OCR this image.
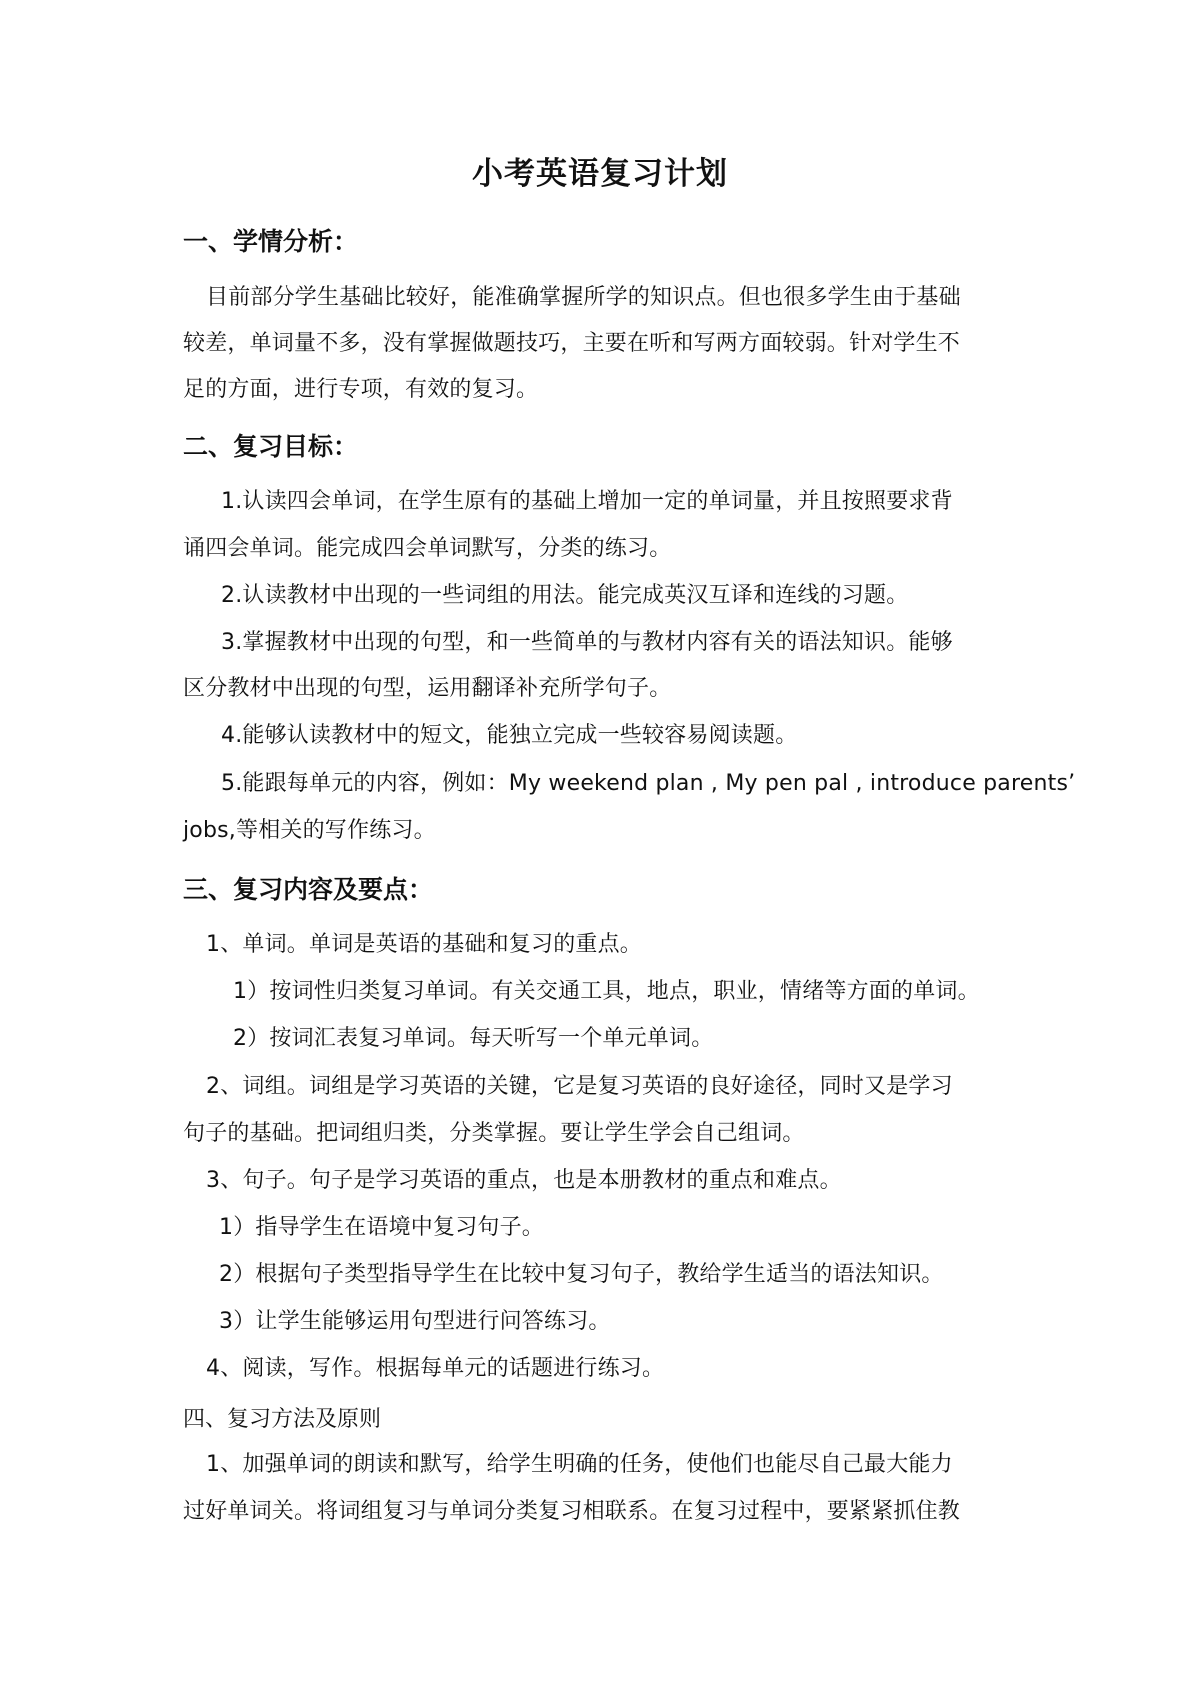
小考英语复习计划
一、学情分析：
目前部分学生基础比较好，能准确掌握所学的知识点。但也很多学生由于基础
较差，单词量不多，没有掌握做题技巧，主要在听和写两方面较弱。针对学生不
足的方面，进行专项，有效的复习。
二、复习目标：
1.认读四会单词，在学生原有的基础上增加一定的单词量，并且按照要求背
诵四会单词。能完成四会单词默写，分类的练习。
2.认读教材中出现的一些词组的用法。能完成英汉互译和连线的习题。
3.掌握教材中出现的句型，和一些简单的与教材内容有关的语法知识。能够
区分教材中出现的句型，运用翻译补充所学句子。
4.能够认读教材中的短文，能独立完成一些较容易阅读题。
5.能跟每单元的内容，例如：My weekend plan , My pen pal , introduce parents’
jobs,等相关的写作练习。
三、复习内容及要点：
1、单词。单词是英语的基础和复习的重点。
1）按词性归类复习单词。有关交通工具，地点，职业，情绪等方面的单词。
2）按词汇表复习单词。每天听写一个单元单词。
2、词组。词组是学习英语的关键，它是复习英语的良好途径，同时又是学习
句子的基础。把词组归类，分类掌握。要让学生学会自己组词。
3、句子。句子是学习英语的重点，也是本册教材的重点和难点。
1）指导学生在语境中复习句子。
2）根据句子类型指导学生在比较中复习句子，教给学生适当的语法知识。
3）让学生能够运用句型进行问答练习。
4、阅读，写作。根据每单元的话题进行练习。
四、复习方法及原则
1、加强单词的朗读和默写，给学生明确的任务，使他们也能尽自己最大能力
过好单词关。将词组复习与单词分类复习相联系。在复习过程中，要紧紧抓住教
